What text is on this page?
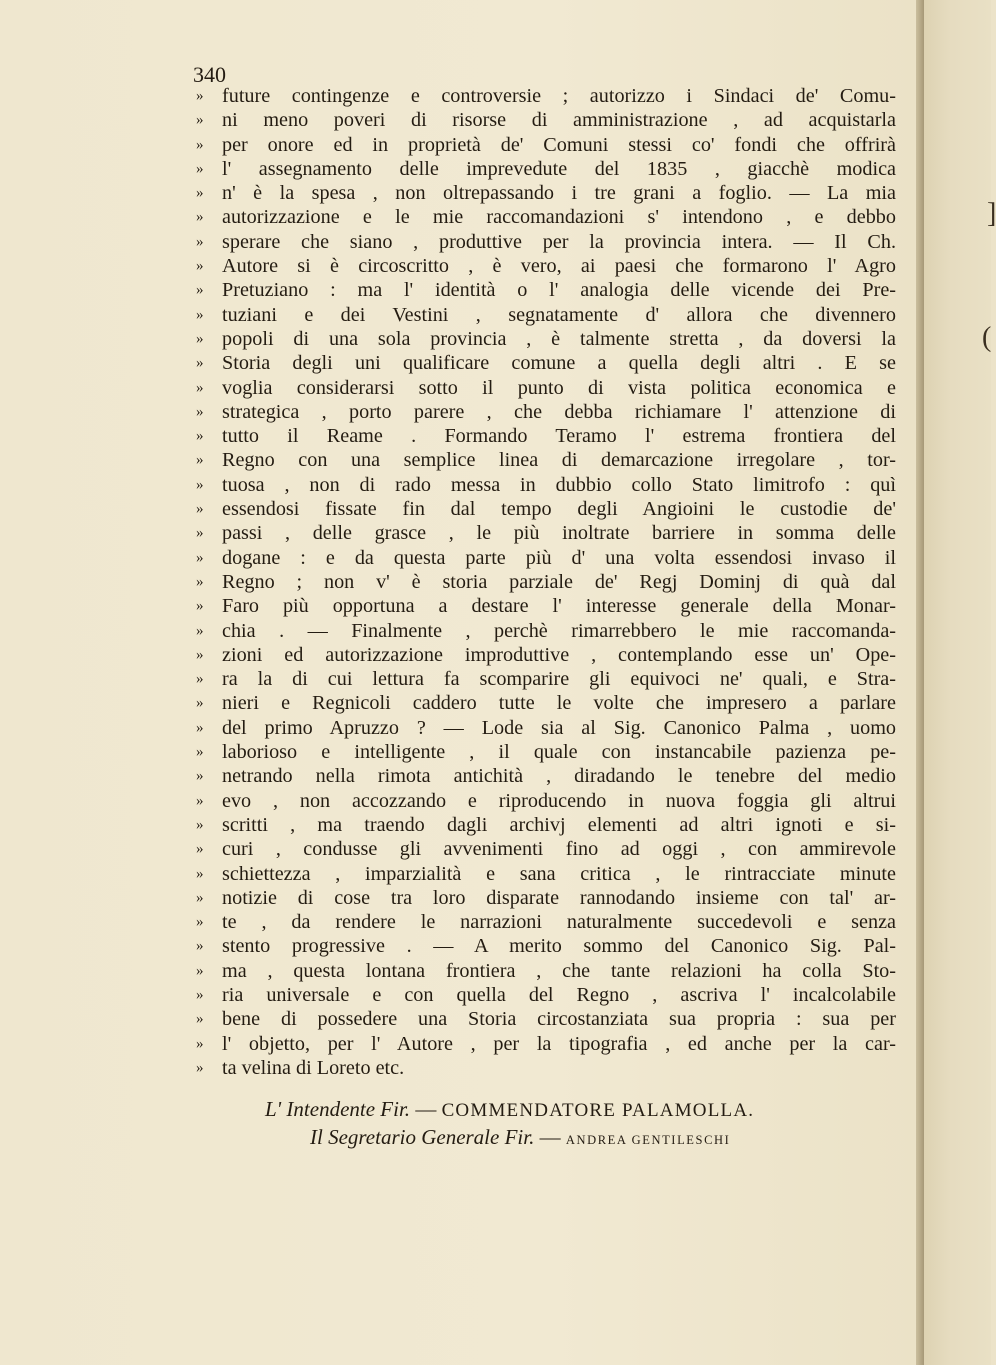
340
» future contingenze e controversie ; autorizzo i Sindaci de' Comu-
» ni meno poveri di risorse di amministrazione , ad acquistarla
» per onore ed in proprietà de' Comuni stessi co' fondi che offrirà
» l' assegnamento delle imprevedute del 1835 , giacchè modica
» n' è la spesa , non oltrepassando i tre grani a foglio. — La mia
» autorizzazione e le mie raccomandazioni s' intendono , e debbo
» sperare che siano , produttive per la provincia intera. — Il Ch.
» Autore si è circoscritto , è vero, ai paesi che formarono l' Agro
» Pretuziano : ma l' identità o l' analogia delle vicende dei Pre-
» tuziani e dei Vestini , segnatamente d' allora che divennero
» popoli di una sola provincia , è talmente stretta , da doversi la
» Storia degli uni qualificare comune a quella degli altri . E se
» voglia considerarsi sotto il punto di vista politica economica e
» strategica , porto parere , che debba richiamare l' attenzione di
» tutto il Reame . Formando Teramo l' estrema frontiera del
» Regno con una semplice linea di demarcazione irregolare , tor-
» tuosa , non di rado messa in dubbio collo Stato limitrofo : quì
» essendosi fissate fin dal tempo degli Angioini le custodie de'
» passi , delle grasce , le più inoltrate barriere in somma delle
» dogane : e da questa parte più d' una volta essendosi invaso il
» Regno ; non v' è storia parziale de' Regj Dominj di quà dal
» Faro più opportuna a destare l' interesse generale della Monar-
» chia . — Finalmente , perchè rimarrebbero le mie raccomanda-
» zioni ed autorizzazione improduttive , contemplando esse un' Ope-
» ra la di cui lettura fa scomparire gli equivoci ne' quali, e Stra-
» nieri e Regnicoli caddero tutte le volte che impresero a parlare
» del primo Apruzzo ? — Lode sia al Sig. Canonico Palma , uomo
» laborioso e intelligente , il quale con instancabile pazienza pe-
» netrando nella rimota antichità , diradando le tenebre del medio
» evo , non accozzando e riproducendo in nuova foggia gli altrui
» scritti , ma traendo dagli archivj elementi ad altri ignoti e si-
» curi , condusse gli avvenimenti fino ad oggi , con ammirevole
» schiettezza , imparzialità e sana critica , le rintracciate minute
» notizie di cose tra loro disparate rannodando insieme con tal' ar-
» te , da rendere le narrazioni naturalmente succedevoli e senza
» stento progressive . — A merito sommo del Canonico Sig. Pal-
» ma , questa lontana frontiera , che tante relazioni ha colla Sto-
» ria universale e con quella del Regno , ascriva l' incalcolabile
» bene di possedere una Storia circostanziata sua propria : sua per
» l' objetto, per l' Autore , per la tipografia , ed anche per la car-
» ta velina di Loreto etc.
L' Intendente Fir. — COMMENDATORE PALAMOLLA.
Il Segretario Generale Fir. — ANDREA GENTILESCHI
]
(
